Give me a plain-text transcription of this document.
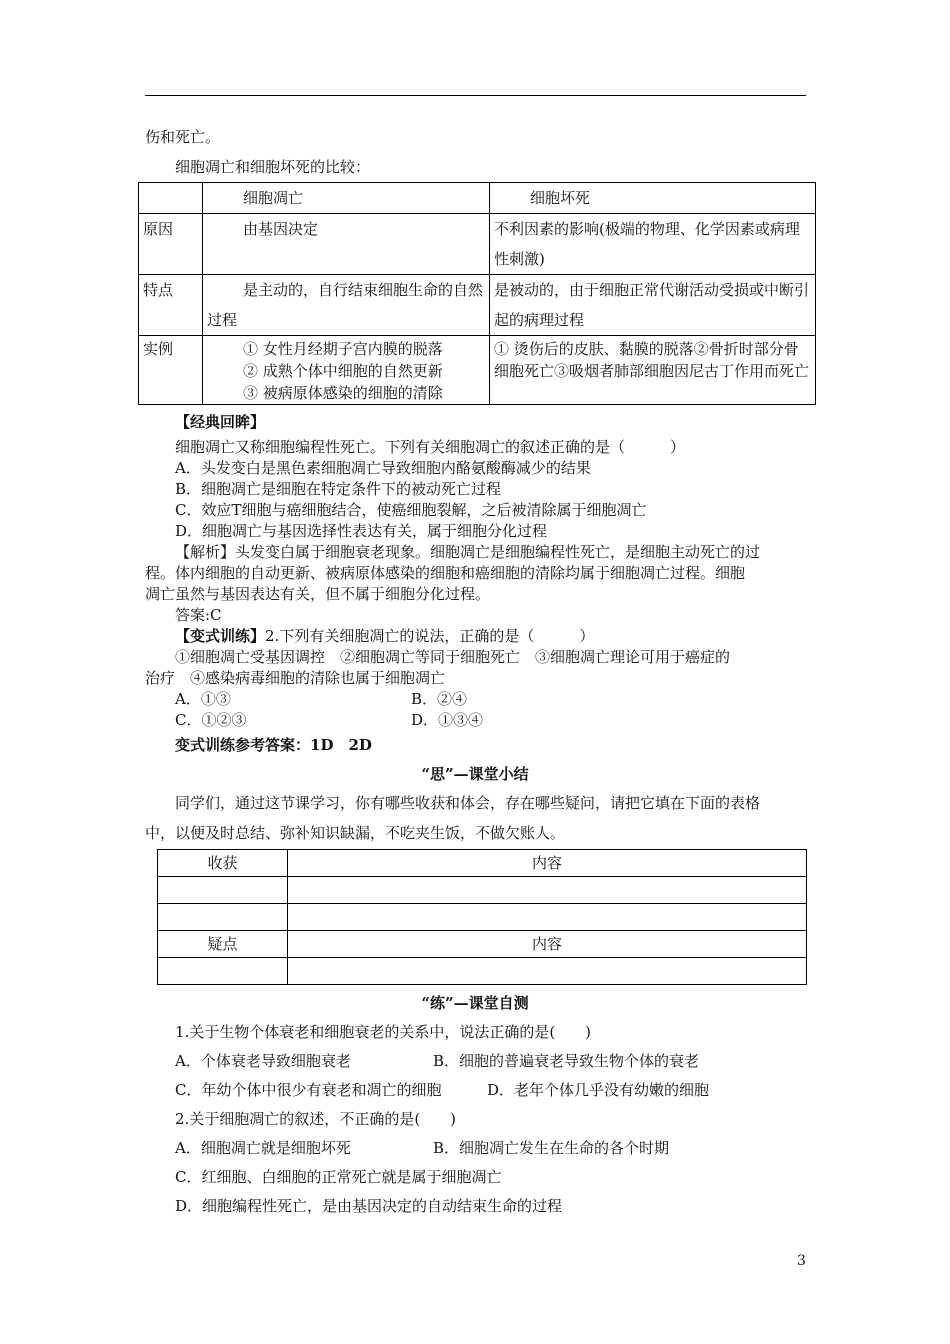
伤和死亡。
细胞凋亡和细胞坏死的比较：
	细胞凋亡	细胞坏死
原因	由基因决定	不利因素的影响(极端的物理、化学因素或病理性刺激)
特点	是主动的，自行结束细胞生命的自然过程	是被动的，由于细胞正常代谢活动受损或中断引起的病理过程
实例	① 女性月经期子宫内膜的脱落
② 成熟个体中细胞的自然更新
③ 被病原体感染的细胞的清除	① 烫伤后的皮肤、黏膜的脱落②骨折时部分骨细胞死亡③吸烟者肺部细胞因尼古丁作用而死亡
【经典回眸】
细胞凋亡又称细胞编程性死亡。下列有关细胞凋亡的叙述正确的是（　　　）
A．头发变白是黑色素细胞凋亡导致细胞内酪氨酸酶减少的结果
B．细胞凋亡是细胞在特定条件下的被动死亡过程
C．效应T细胞与癌细胞结合，使癌细胞裂解，之后被清除属于细胞凋亡
D．细胞凋亡与基因选择性表达有关，属于细胞分化过程
【解析】头发变白属于细胞衰老现象。细胞凋亡是细胞编程性死亡，是细胞主动死亡的过
程。体内细胞的自动更新、被病原体感染的细胞和癌细胞的清除均属于细胞凋亡过程。细胞
凋亡虽然与基因表达有关，但不属于细胞分化过程。
答案:C
【变式训练】2.下列有关细胞凋亡的说法，正确的是（　　　）
①细胞凋亡受基因调控　②细胞凋亡等同于细胞死亡　③细胞凋亡理论可用于癌症的
治疗　④感染病毒细胞的清除也属于细胞凋亡
A．①③	B．②④
C．①②③	D．①③④
变式训练参考答案：1D　2D
“思”—课堂小结
同学们，通过这节课学习，你有哪些收获和体会，存在哪些疑问，请把它填在下面的表格
中，以便及时总结、弥补知识缺漏，不吃夹生饭，不做欠账人。
收获	内容

疑点	内容

“练”—课堂自测
1.关于生物个体衰老和细胞衰老的关系中，说法正确的是(　　)
A．个体衰老导致细胞衰老	B．细胞的普遍衰老导致生物个体的衰老
C．年幼个体中很少有衰老和凋亡的细胞	D．老年个体几乎没有幼嫩的细胞
2.关于细胞凋亡的叙述，不正确的是(　　)
A．细胞凋亡就是细胞坏死	B．细胞凋亡发生在生命的各个时期
C．红细胞、白细胞的正常死亡就是属于细胞凋亡
D．细胞编程性死亡，是由基因决定的自动结束生命的过程
3
